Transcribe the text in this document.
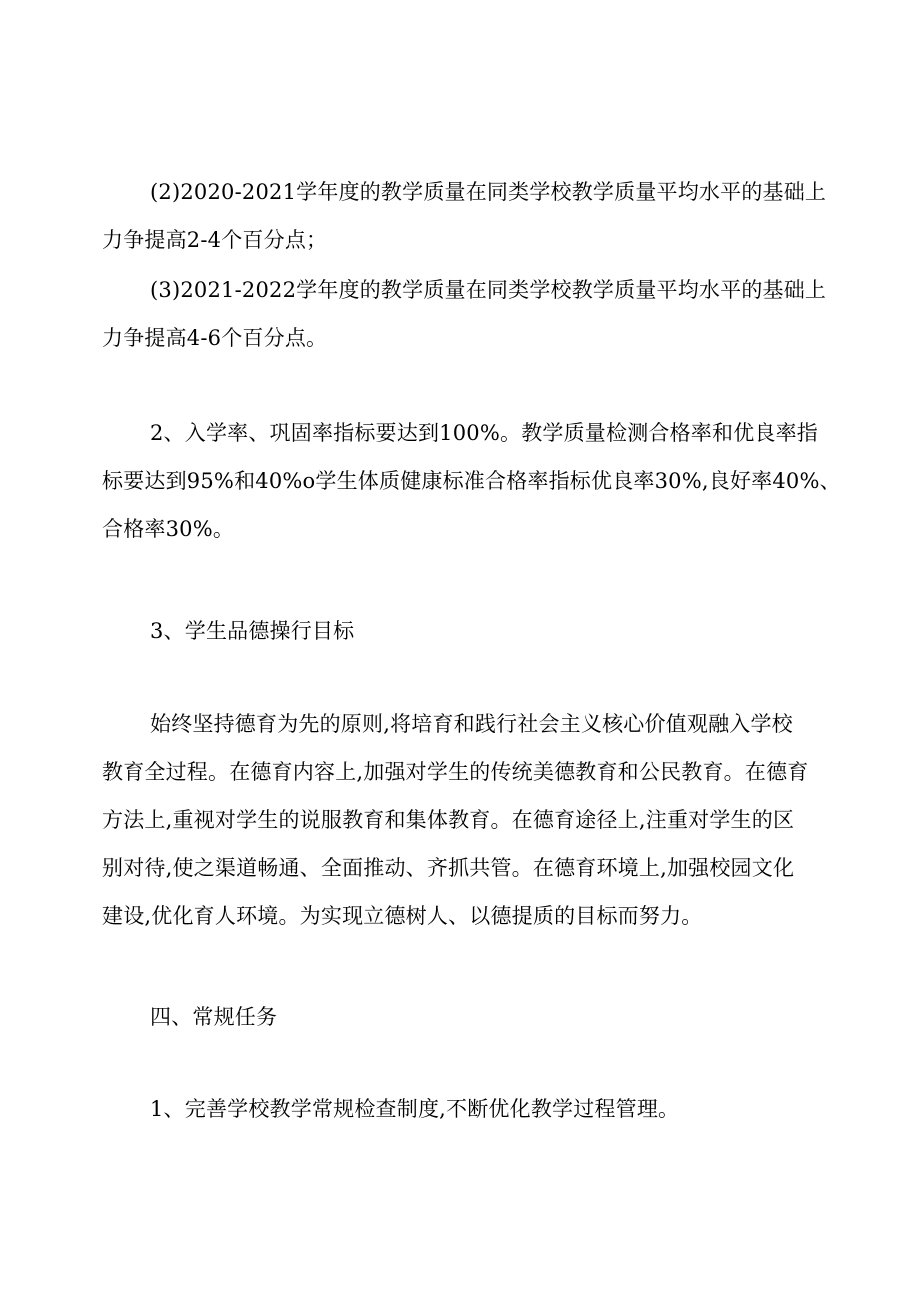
(2)2020-2021学年度的教学质量在同类学校教学质量平均水平的基础上
力争提高2-4个百分点；
(3)2021-2022学年度的教学质量在同类学校教学质量平均水平的基础上
力争提高4-6个百分点。
2、入学率、巩固率指标要达到100%。教学质量检测合格率和优良率指
标要达到95%和40%o学生体质健康标准合格率指标优良率30%,良好率40%、
合格率30%。
3、学生品德操行目标
始终坚持德育为先的原则,将培育和践行社会主义核心价值观融入学校
教育全过程。在德育内容上,加强对学生的传统美德教育和公民教育。在德育
方法上,重视对学生的说服教育和集体教育。在德育途径上,注重对学生的区
别对待,使之渠道畅通、全面推动、齐抓共管。在德育环境上,加强校园文化
建设,优化育人环境。为实现立德树人、以德提质的目标而努力。
四、常规任务
1、完善学校教学常规检查制度,不断优化教学过程管理。
